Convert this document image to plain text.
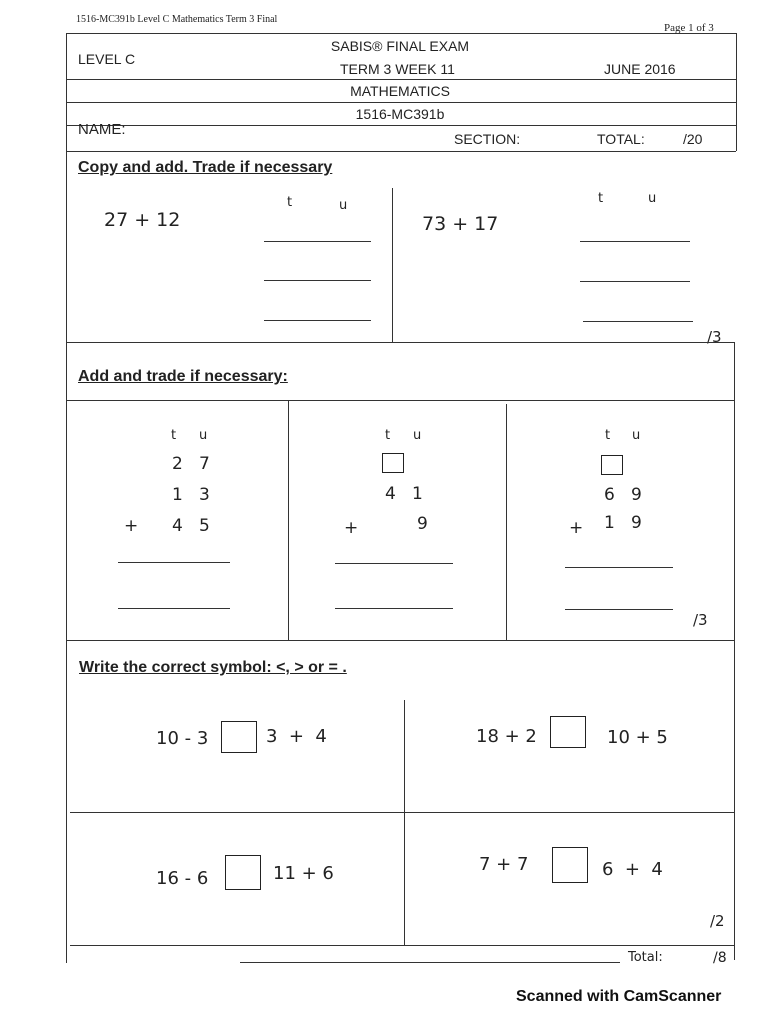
1516-MC391b Level C Mathematics Term 3 Final
Page 1 of 3
SABIS® FINAL EXAM
LEVEL C
TERM 3 WEEK 11	JUNE 2016
MATHEMATICS
1516-MC391b
NAME:
SECTION:	TOTAL:	/20
Copy and add. Trade if necessary
27 + 12
t	u
73 + 17
t	u
/3
Add and trade if necessary:
t u
2   7
1   3
+ 4   5
t u
4   1
+	9
t u
6   9
+ 1   9
/3
Write the correct symbol: <, > or = .
10 - 3	3  +  4	18 + 2	10 + 5
16 - 6	11 + 6	7 + 7	6  +  4
/2
Total:	/8
Scanned with CamScanner
